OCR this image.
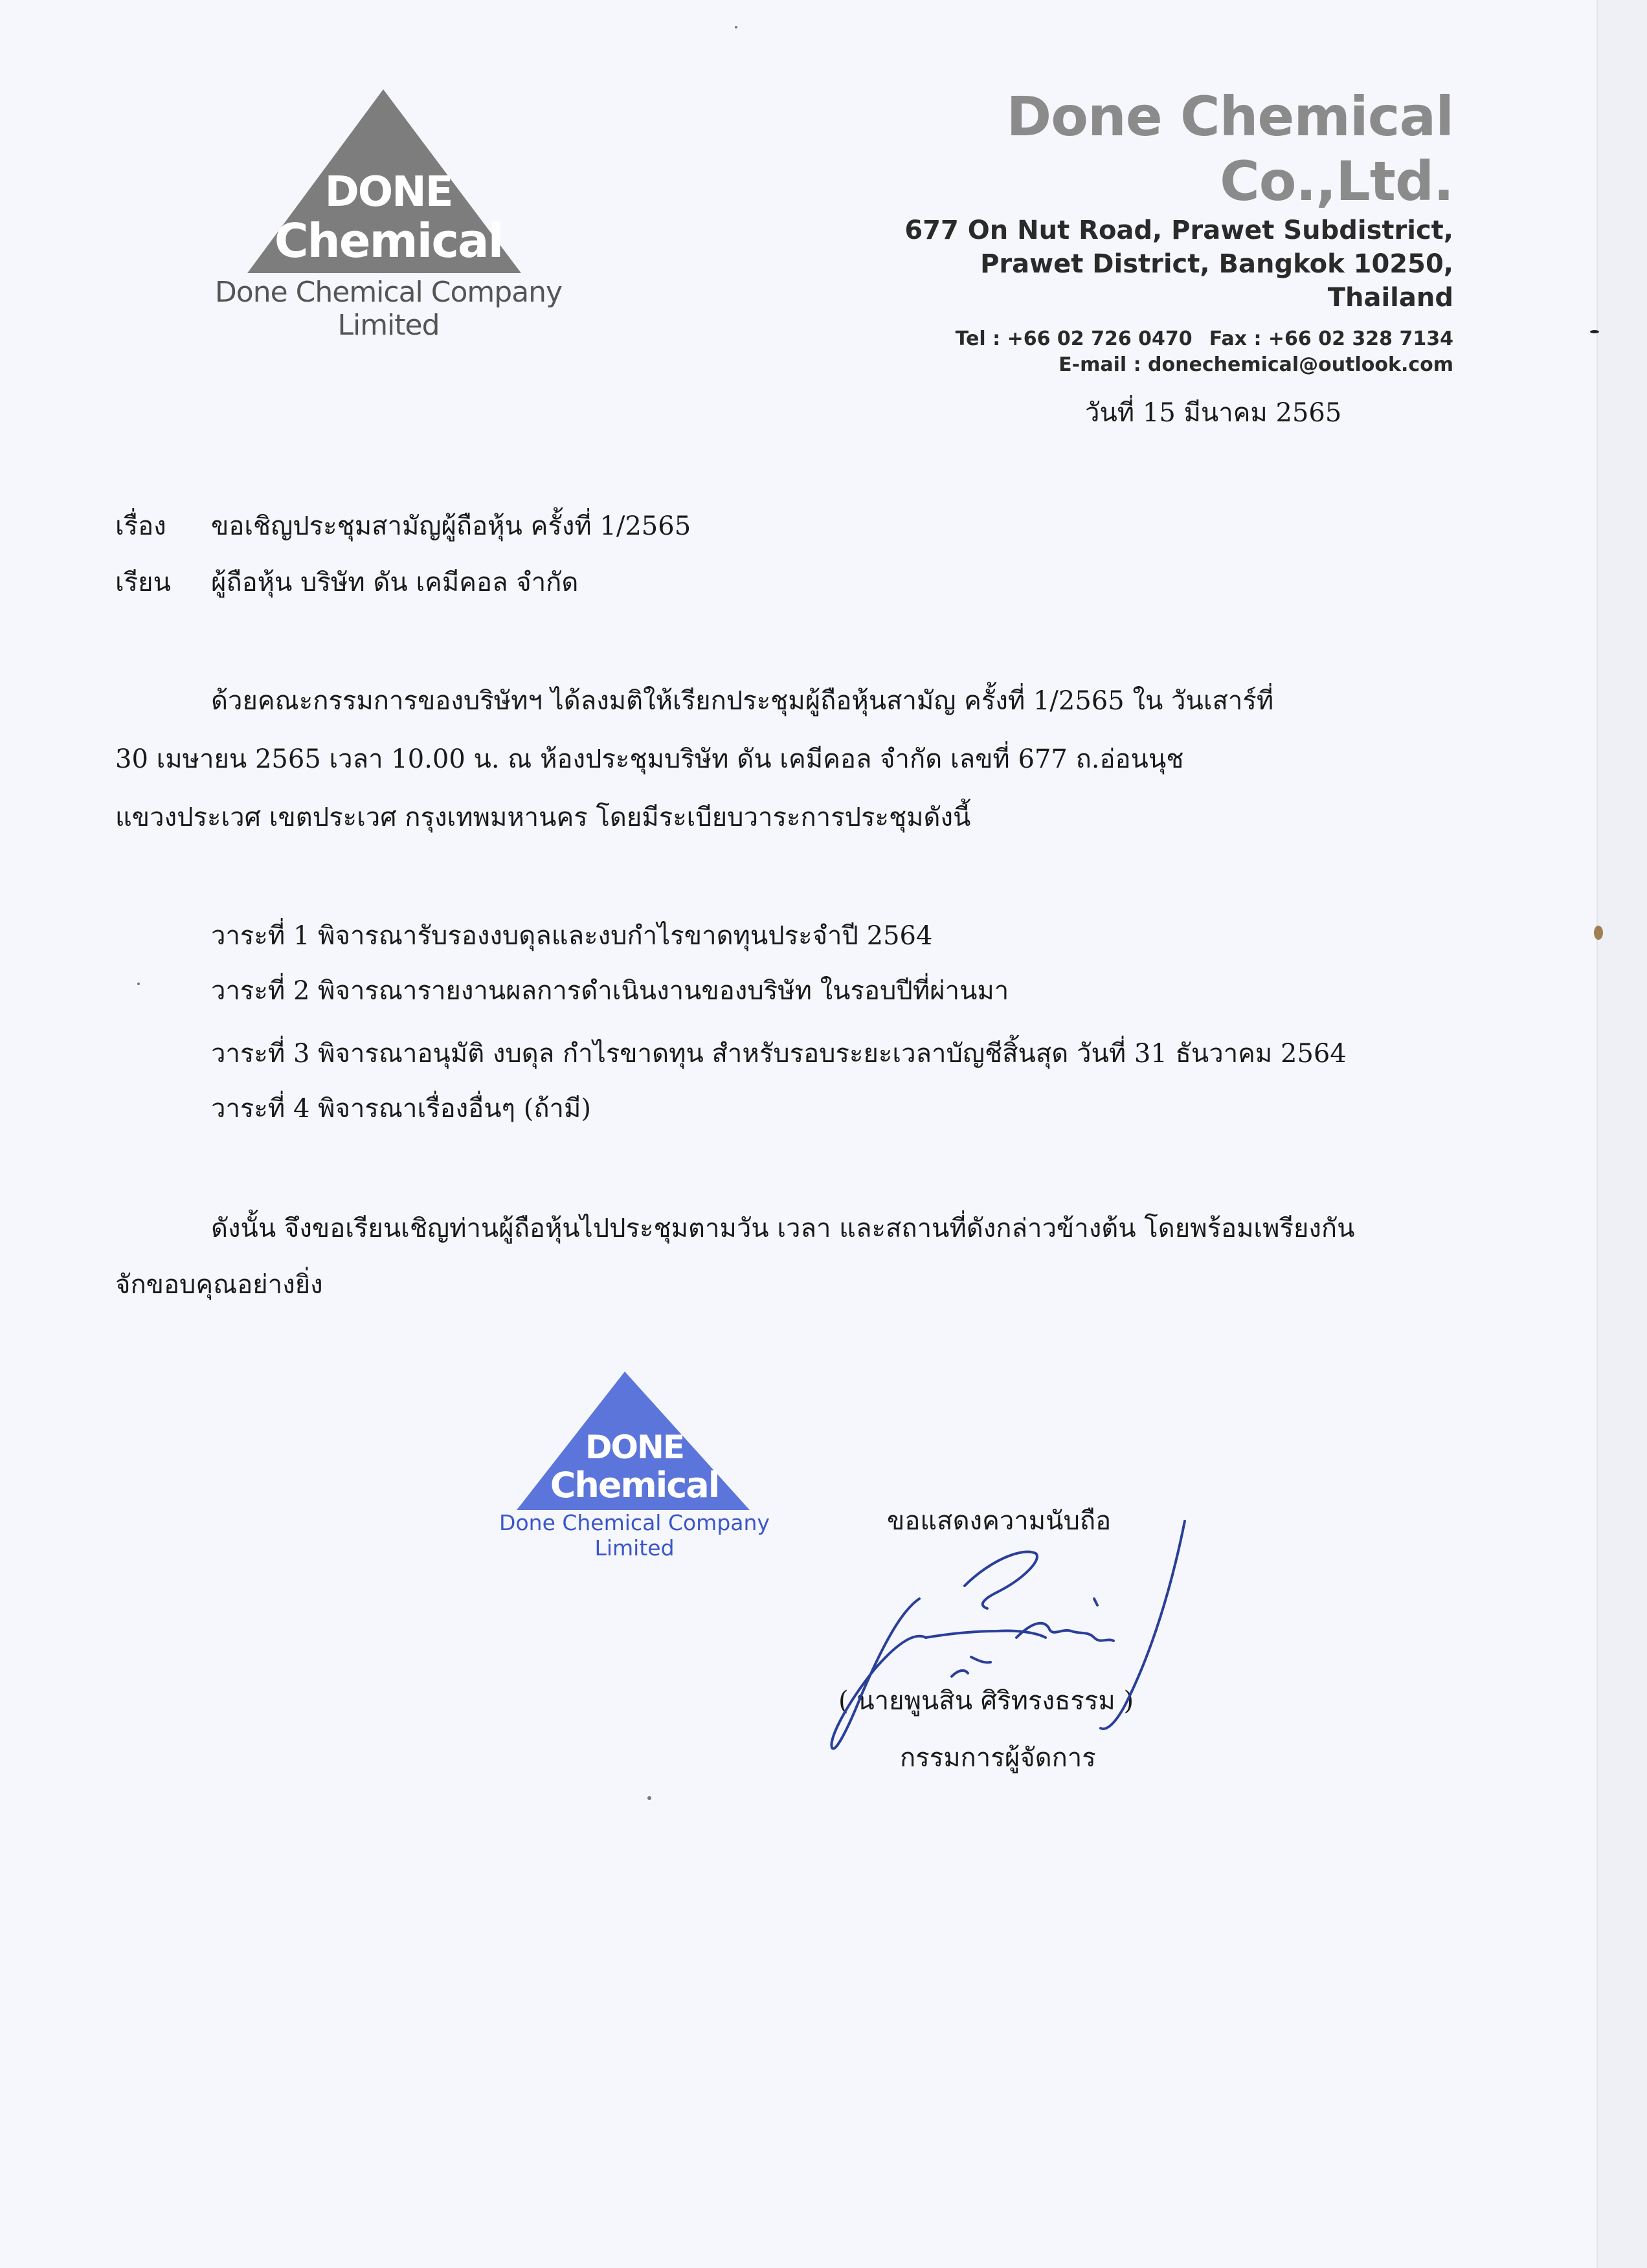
DONE
Chemical
Done Chemical Company Limited
Done Chemical Co.,Ltd.
677 On Nut Road, Prawet Subdistrict,
Prawet District, Bangkok 10250,
Thailand
Tel : +66 02 726 0470 Fax : +66 02 328 7134
E-mail : donechemical@outlook.com
วันที่ 15 มีนาคม 2565
เรื่อง ขอเชิญประชุมสามัญผู้ถือหุ้น ครั้งที่ 1/2565
เรียน ผู้ถือหุ้น บริษัท ดัน เคมีคอล จำกัด
ด้วยคณะกรรมการของบริษัทฯ ได้ลงมติให้เรียกประชุมผู้ถือหุ้นสามัญ ครั้งที่ 1/2565 ใน วันเสาร์ที่
30 เมษายน 2565 เวลา 10.00 น. ณ ห้องประชุมบริษัท ดัน เคมีคอล จำกัด เลขที่ 677 ถ.อ่อนนุช
แขวงประเวศ เขตประเวศ กรุงเทพมหานคร โดยมีระเบียบวาระการประชุมดังนี้
วาระที่ 1 พิจารณารับรองงบดุลและงบกำไรขาดทุนประจำปี 2564
วาระที่ 2 พิจารณารายงานผลการดำเนินงานของบริษัท ในรอบปีที่ผ่านมา
วาระที่ 3 พิจารณาอนุมัติ งบดุล กำไรขาดทุน สำหรับรอบระยะเวลาบัญชีสิ้นสุด วันที่ 31 ธันวาคม 2564
วาระที่ 4 พิจารณาเรื่องอื่นๆ (ถ้ามี)
ดังนั้น จึงขอเรียนเชิญท่านผู้ถือหุ้นไปประชุมตามวัน เวลา และสถานที่ดังกล่าวข้างต้น โดยพร้อมเพรียงกัน
จักขอบคุณอย่างยิ่ง
DONE
Chemical
Done Chemical Company Limited
ขอแสดงความนับถือ
( นายพูนสิน ศิริทรงธรรม )
กรรมการผู้จัดการ
